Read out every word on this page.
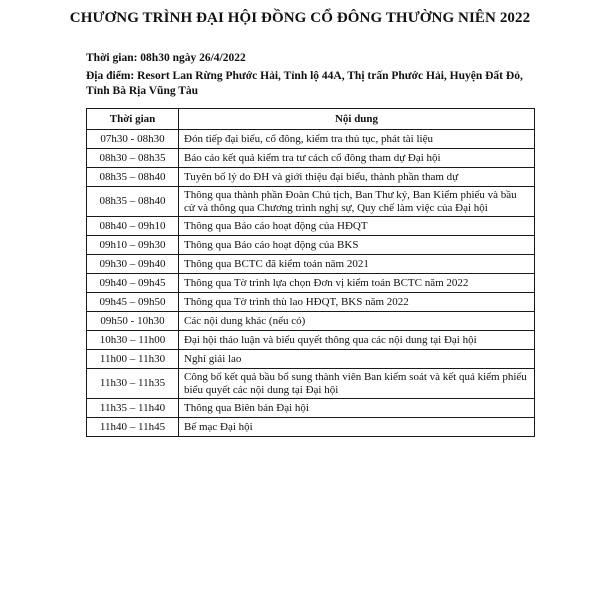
CHƯƠNG TRÌNH ĐẠI HỘI ĐỒNG CỔ ĐÔNG THƯỜNG NIÊN 2022
Thời gian: 08h30 ngày 26/4/2022
Địa điểm: Resort Lan Rừng Phước Hải, Tỉnh lộ 44A, Thị trấn Phước Hải, Huyện Đất Đỏ, Tỉnh Bà Rịa Vũng Tàu
Thời gian	Nội dung
07h30 - 08h30	Đón tiếp đại biểu, cổ đông, kiểm tra thủ tục, phát tài liệu
08h30 – 08h35	Báo cáo kết quả kiểm tra tư cách cổ đông tham dự Đại hội
08h35 – 08h40	Tuyên bố lý do ĐH và giới thiệu đại biểu, thành phần tham dự
08h35 – 08h40	Thông qua thành phần Đoàn Chủ tịch, Ban Thư ký, Ban Kiểm phiếu và bầu cử và thông qua Chương trình nghị sự, Quy chế làm việc của Đại hội
08h40 – 09h10	Thông qua Báo cáo hoạt động của HĐQT
09h10 – 09h30	Thông qua Báo cáo hoạt động của BKS
09h30 – 09h40	Thông qua BCTC đã kiểm toán năm 2021
09h40 – 09h45	Thông qua Tờ trình lựa chọn Đơn vị kiểm toán BCTC năm 2022
09h45 – 09h50	Thông qua Tờ trình thù lao HĐQT, BKS năm 2022
09h50 - 10h30	Các nội dung khác (nếu có)
10h30 – 11h00	Đại hội thảo luận và biểu quyết thông qua các nội dung tại Đại hội
11h00 – 11h30	Nghỉ giải lao
11h30 – 11h35	Công bố kết quả bầu bổ sung thành viên Ban kiểm soát và kết quả kiểm phiếu biểu quyết các nội dung tại Đại hội
11h35 – 11h40	Thông qua Biên bản Đại hội
11h40 – 11h45	Bế mạc Đại hội
